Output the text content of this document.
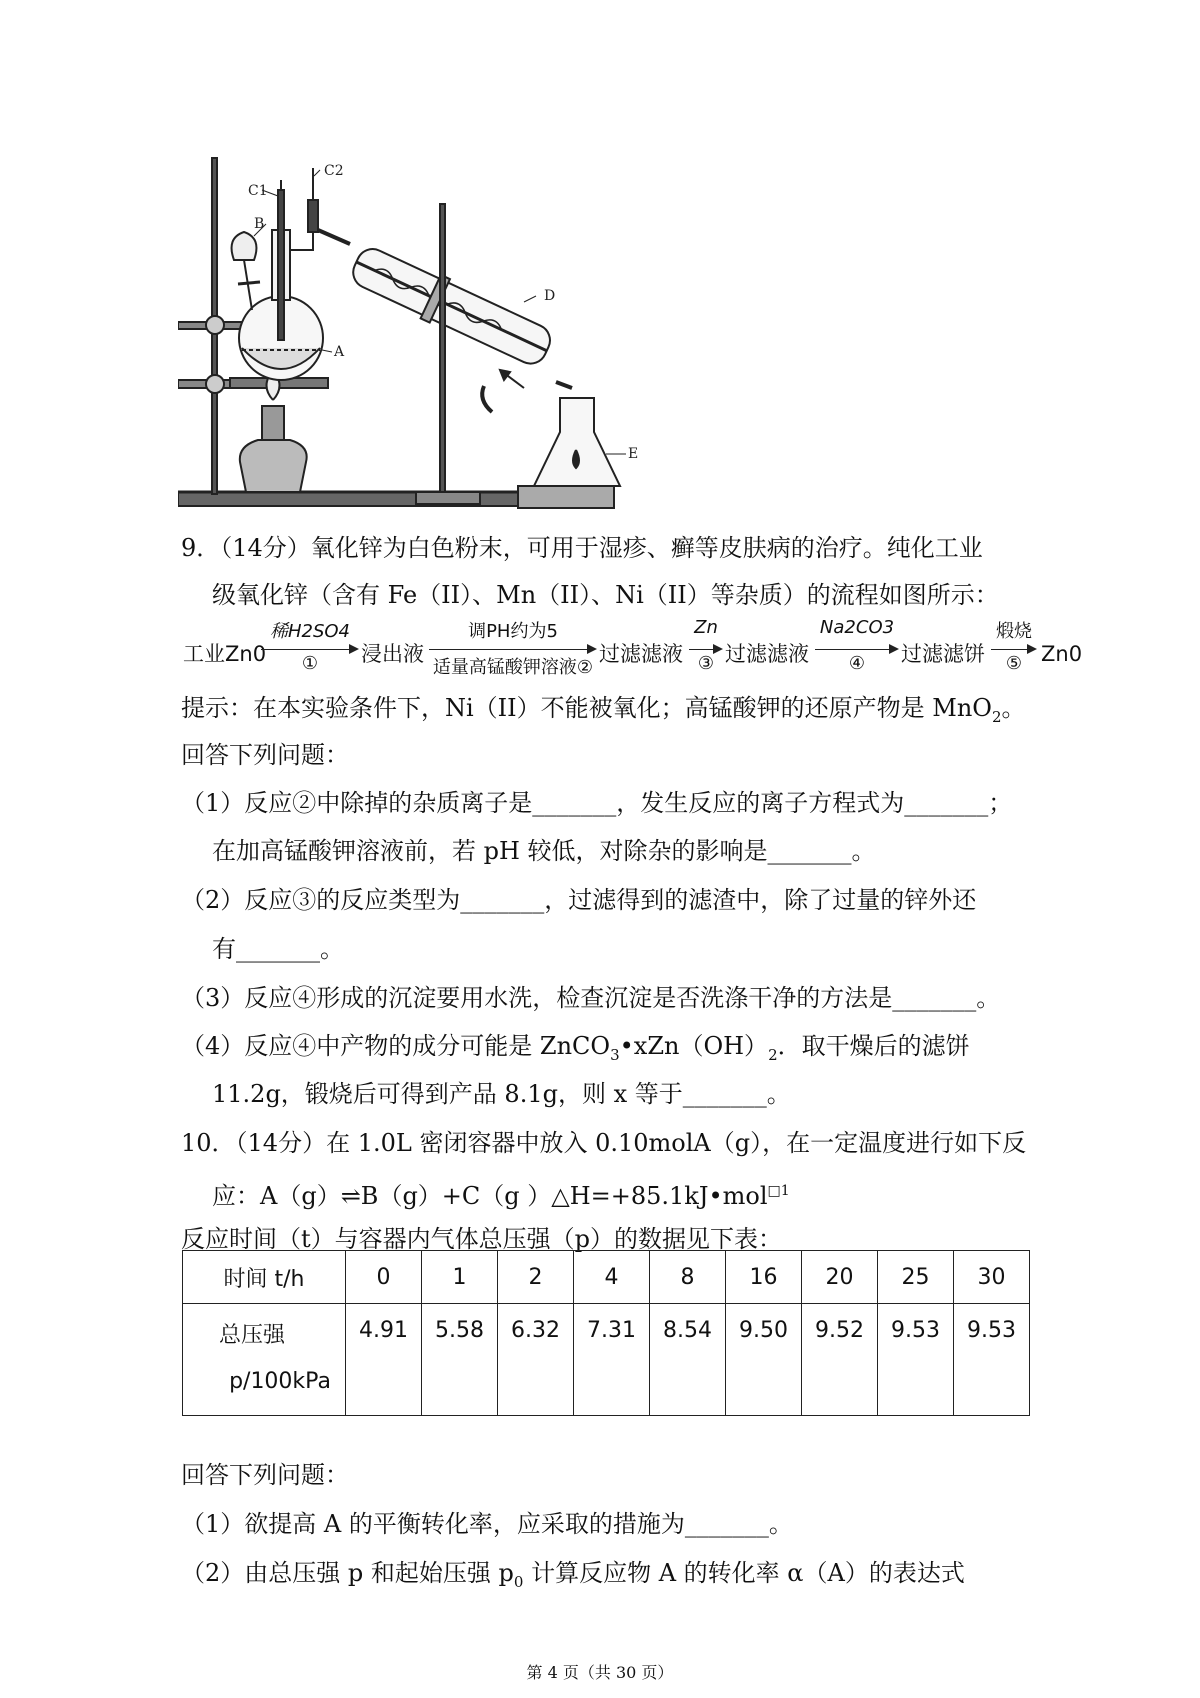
C1
C2
B
A
D
E
9．（14分）氧化锌为白色粉末，可用于湿疹、癣等皮肤病的治疗。纯化工业
级氧化锌（含有 Fe（II）、Mn（II）、Ni（II）等杂质）的流程如图所示：
工业Zn0
稀H2SO4
①	浸出液
调PH约为5
适量高锰酸钾溶液②
过滤滤液
Zn
③ 过滤滤液
Na2CO3
④	过滤滤饼
煅烧
⑤ Zn0
提示：在本实验条件下，Ni（II）不能被氧化；高锰酸钾的还原产物是 MnO$_2$。
回答下列问题：
（1）反应②中除掉的杂质离子是_______，发生反应的离子方程式为_______；
在加高锰酸钾溶液前，若 pH 较低，对除杂的影响是_______。
（2）反应③的反应类型为_______，过滤得到的滤渣中，除了过量的锌外还
有_______。
（3）反应④形成的沉淀要用水洗，检查沉淀是否洗涤干净的方法是_______。
（4）反应④中产物的成分可能是 $ZnCO_3•xZn(OH)_2$．取干燥后的滤饼
11.2g，锻烧后可得到产品 8.1g，则 x 等于_______。
10．（14分）在 1.0L 密闭容器中放入 0.10molA（g），在一定温度进行如下反
应：A（g）⇌B（g）+C（g ）△H=+85.1kJ•mol$^{□1}$
反应时间（t）与容器内气体总压强（p）的数据见下表：
时间 t/h	0	1	2	4	8	16	20	25	30

总压强
p/100kPa	4.91	5.58	6.32	7.31	8.54	9.50	9.52	9.53	9.53
回答下列问题：
（1）欲提高 A 的平衡转化率，应采取的措施为_______。
（2）由总压强 p 和起始压强 $p_0$ 计算反应物 A 的转化率 α（A）的表达式
第 4 页（共 30 页）
